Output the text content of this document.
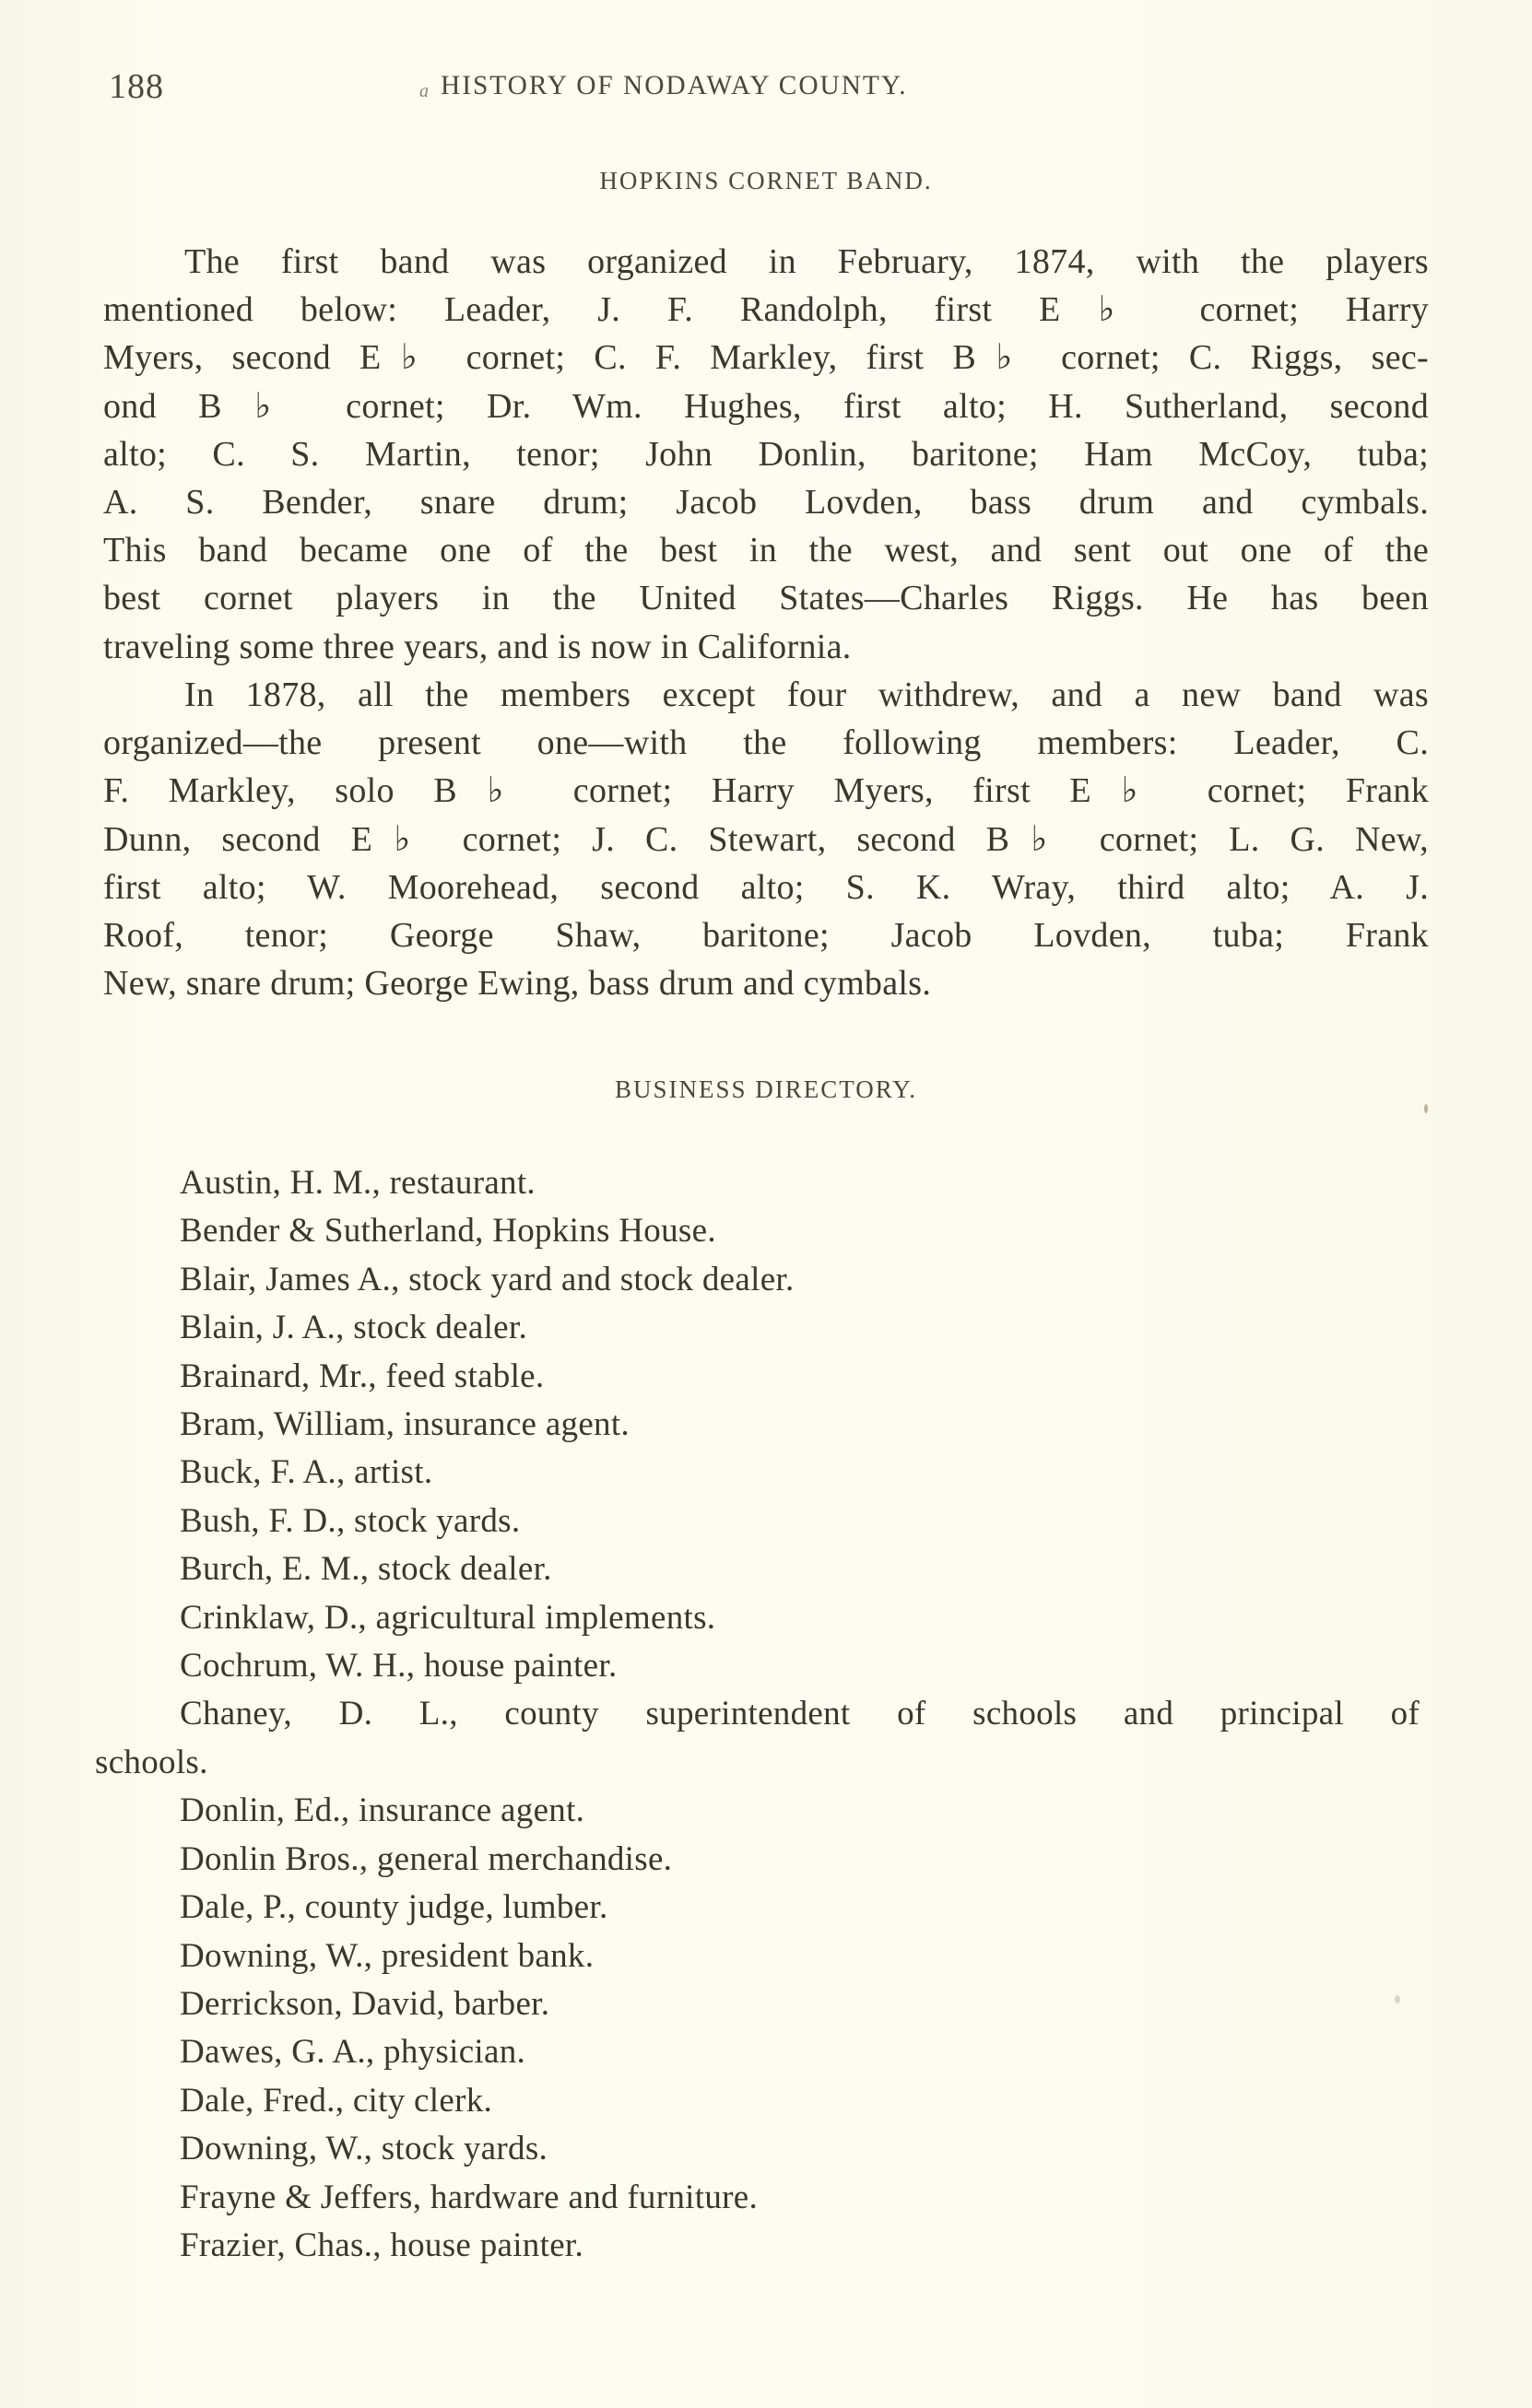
188	a HISTORY OF NODAWAY COUNTY.
HOPKINS CORNET BAND.
The first band was organized in February, 1874, with the players
mentioned below: Leader, J. F. Randolph, first E♭ cornet; Harry
Myers, second E♭ cornet; C. F. Markley, first B♭ cornet; C. Riggs, sec-
ond B♭ cornet; Dr. Wm. Hughes, first alto; H. Sutherland, second
alto; C. S. Martin, tenor; John Donlin, baritone; Ham McCoy, tuba;
A. S. Bender, snare drum; Jacob Lovden, bass drum and cymbals.
This band became one of the best in the west, and sent out one of the
best cornet players in the United States—Charles Riggs. He has been
traveling some three years, and is now in California.
In 1878, all the members except four withdrew, and a new band was
organized—the present one—with the following members: Leader, C.
F. Markley, solo B♭ cornet; Harry Myers, first E♭ cornet; Frank
Dunn, second E♭ cornet; J. C. Stewart, second B♭ cornet; L. G. New,
first alto; W. Moorehead, second alto; S. K. Wray, third alto; A. J.
Roof, tenor; George Shaw, baritone; Jacob Lovden, tuba; Frank
New, snare drum; George Ewing, bass drum and cymbals.
BUSINESS DIRECTORY.
Austin, H. M., restaurant.
Bender & Sutherland, Hopkins House.
Blair, James A., stock yard and stock dealer.
Blain, J. A., stock dealer.
Brainard, Mr., feed stable.
Bram, William, insurance agent.
Buck, F. A., artist.
Bush, F. D., stock yards.
Burch, E. M., stock dealer.
Crinklaw, D., agricultural implements.
Cochrum, W. H., house painter.
Chaney, D. L., county superintendent of schools and principal of
schools.
Donlin, Ed., insurance agent.
Donlin Bros., general merchandise.
Dale, P., county judge, lumber.
Downing, W., president bank.
Derrickson, David, barber.
Dawes, G. A., physician.
Dale, Fred., city clerk.
Downing, W., stock yards.
Frayne & Jeffers, hardware and furniture.
Frazier, Chas., house painter.
